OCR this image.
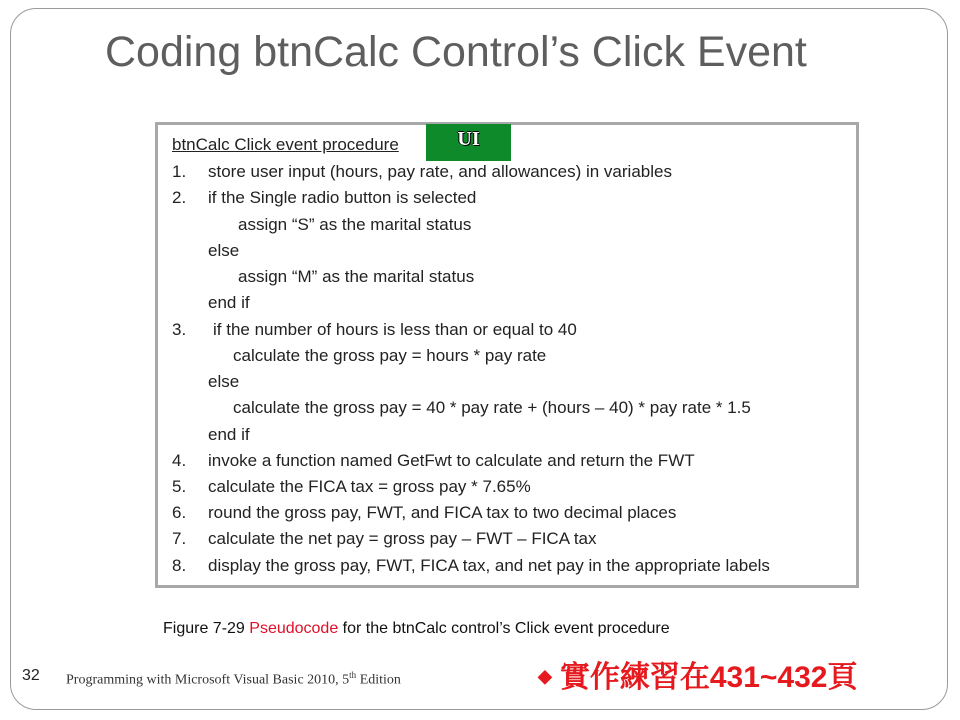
Coding btnCalc Control’s Click Event
btnCalc Click event procedure	UI
1. store user input (hours, pay rate, and allowances) in variables
2. if the Single radio button is selected
assign “S” as the marital status
else
assign “M” as the marital status
end if
3. if the number of hours is less than or equal to 40
calculate the gross pay = hours * pay rate
else
calculate the gross pay = 40 * pay rate + (hours – 40) * pay rate * 1.5
end if
4. invoke a function named GetFwt to calculate and return the FWT
5. calculate the FICA tax = gross pay * 7.65%
6. round the gross pay, FWT, and FICA tax to two decimal places
7. calculate the net pay = gross pay – FWT – FICA tax
8. display the gross pay, FWT, FICA tax, and net pay in the appropriate labels
Figure 7-29 Pseudocode for the btnCalc control’s Click event procedure
32 Programming with Microsoft Visual Basic 2010, 5th Edition	◆ 實作練習在431~432頁
